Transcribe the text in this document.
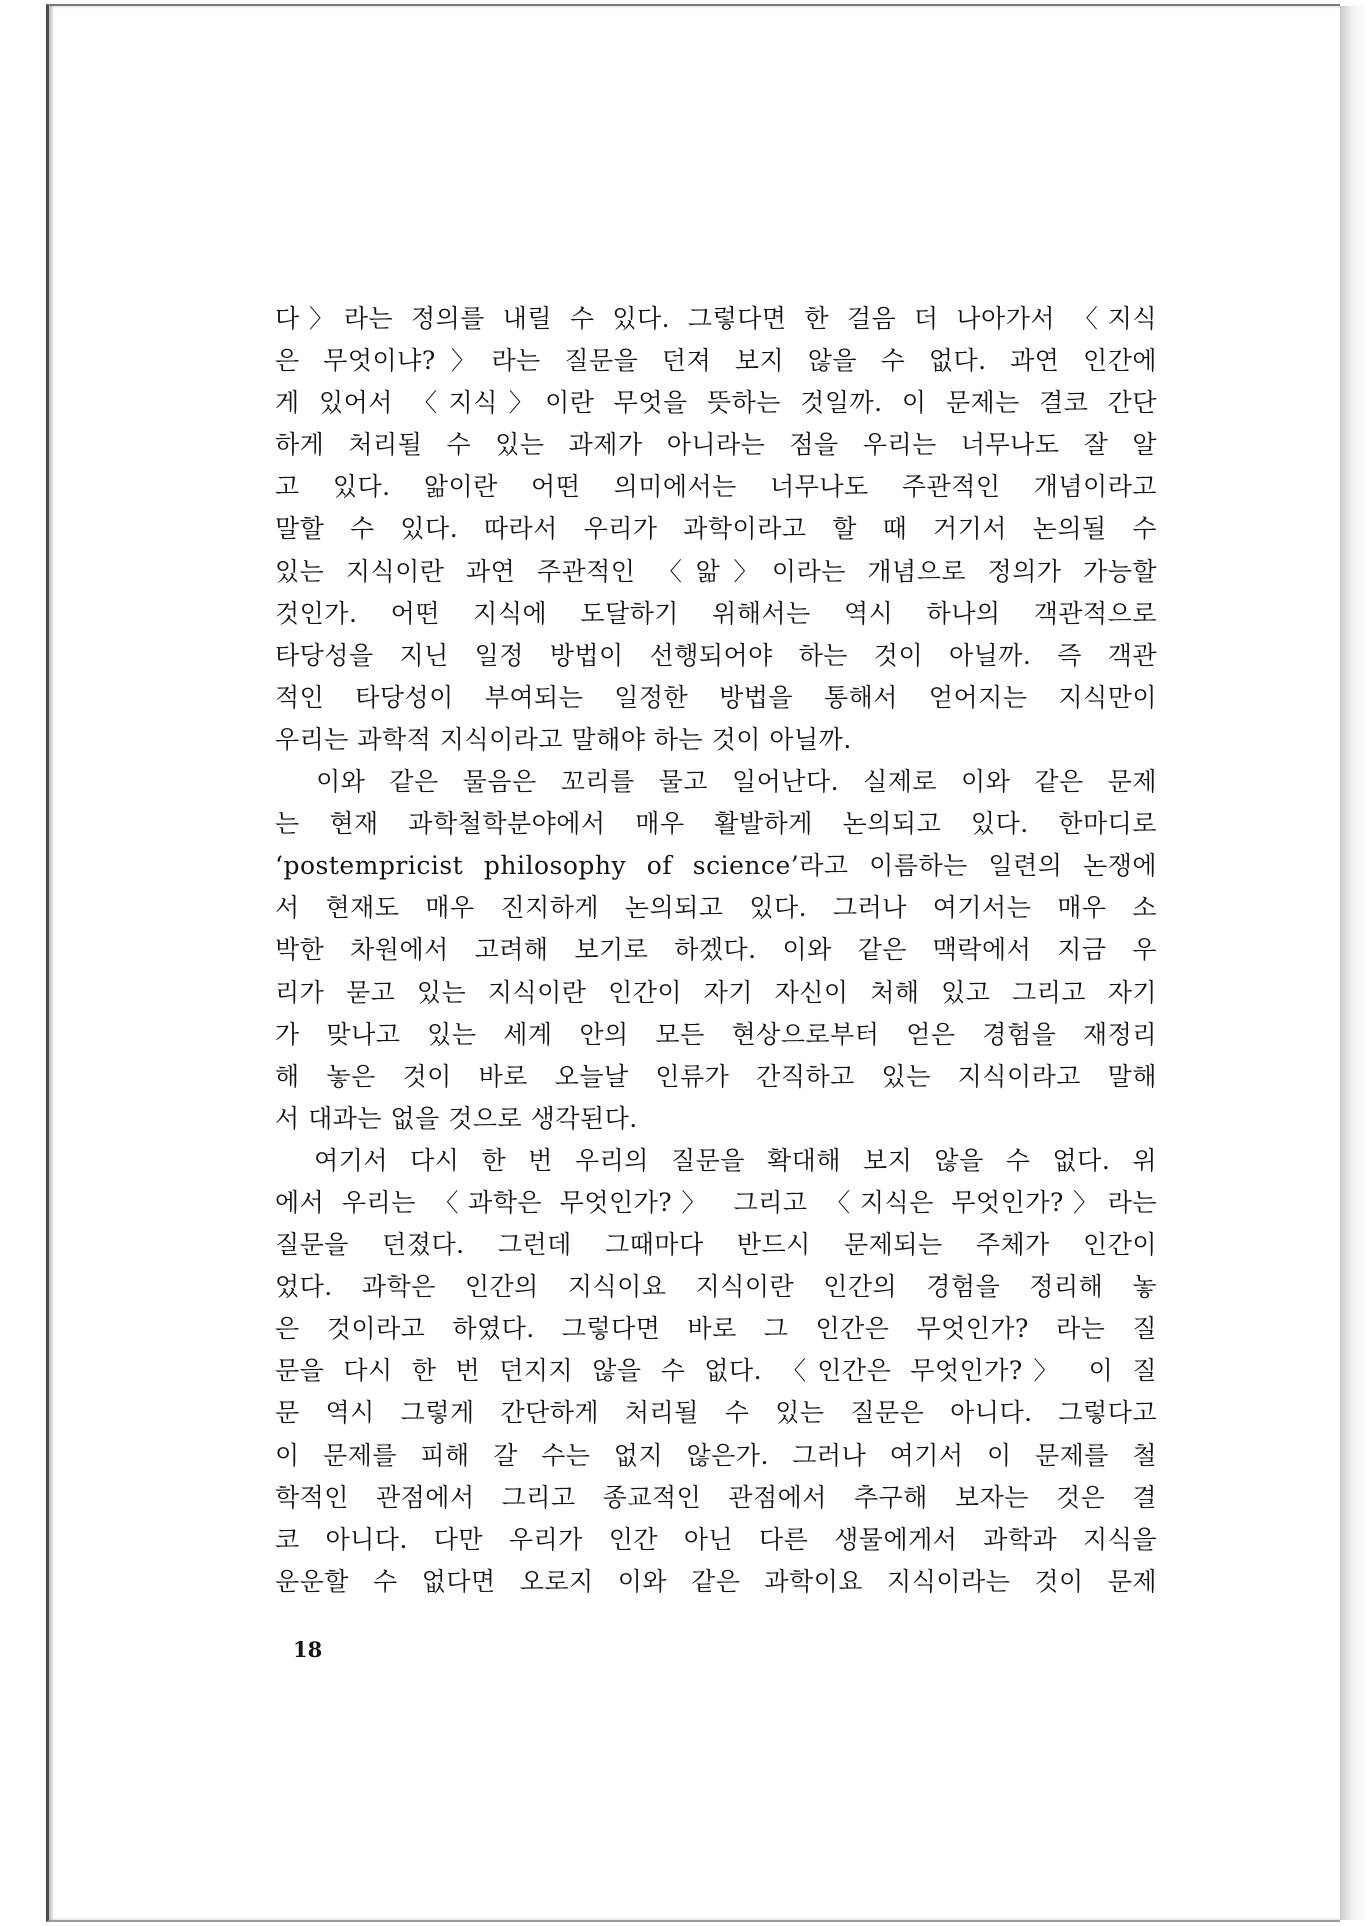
다〉라는 정의를 내릴 수 있다. 그렇다면 한 걸음 더 나아가서 〈지식
은 무엇이냐?〉라는 질문을 던져 보지 않을 수 없다. 과연 인간에
게 있어서 〈지식〉이란 무엇을 뜻하는 것일까. 이 문제는 결코 간단
하게 처리될 수 있는 과제가 아니라는 점을 우리는 너무나도 잘 알
고 있다. 앎이란 어떤 의미에서는 너무나도 주관적인 개념이라고
말할 수 있다. 따라서 우리가 과학이라고 할 때 거기서 논의될 수
있는 지식이란 과연 주관적인 〈앎〉이라는 개념으로 정의가 가능할
것인가. 어떤 지식에 도달하기 위해서는 역시 하나의 객관적으로
타당성을 지닌 일정 방법이 선행되어야 하는 것이 아닐까. 즉 객관
적인 타당성이 부여되는 일정한 방법을 통해서 얻어지는 지식만이
우리는 과학적 지식이라고 말해야 하는 것이 아닐까.
　이와 같은 물음은 꼬리를 물고 일어난다. 실제로 이와 같은 문제
는 현재 과학철학분야에서 매우 활발하게 논의되고 있다. 한마디로
‘postempricist philosophy of science’라고 이름하는 일련의 논쟁에
서 현재도 매우 진지하게 논의되고 있다. 그러나 여기서는 매우 소
박한 차원에서 고려해 보기로 하겠다. 이와 같은 맥락에서 지금 우
리가 묻고 있는 지식이란 인간이 자기 자신이 처해 있고 그리고 자기
가 맞나고 있는 세계 안의 모든 현상으로부터 얻은 경험을 재정리
해 놓은 것이 바로 오늘날 인류가 간직하고 있는 지식이라고 말해
서 대과는 없을 것으로 생각된다.
　여기서 다시 한 번 우리의 질문을 확대해 보지 않을 수 없다. 위
에서 우리는 〈과학은 무엇인가?〉 그리고 〈지식은 무엇인가?〉라는
질문을 던졌다. 그런데 그때마다 반드시 문제되는 주체가 인간이
었다. 과학은 인간의 지식이요 지식이란 인간의 경험을 정리해 놓
은 것이라고 하였다. 그렇다면 바로 그 인간은 무엇인가? 라는 질
문을 다시 한 번 던지지 않을 수 없다. 〈인간은 무엇인가?〉 이 질
문 역시 그렇게 간단하게 처리될 수 있는 질문은 아니다. 그렇다고
이 문제를 피해 갈 수는 없지 않은가. 그러나 여기서 이 문제를 철
학적인 관점에서 그리고 종교적인 관점에서 추구해 보자는 것은 결
코 아니다. 다만 우리가 인간 아닌 다른 생물에게서 과학과 지식을
운운할 수 없다면 오로지 이와 같은 과학이요 지식이라는 것이 문제
18
